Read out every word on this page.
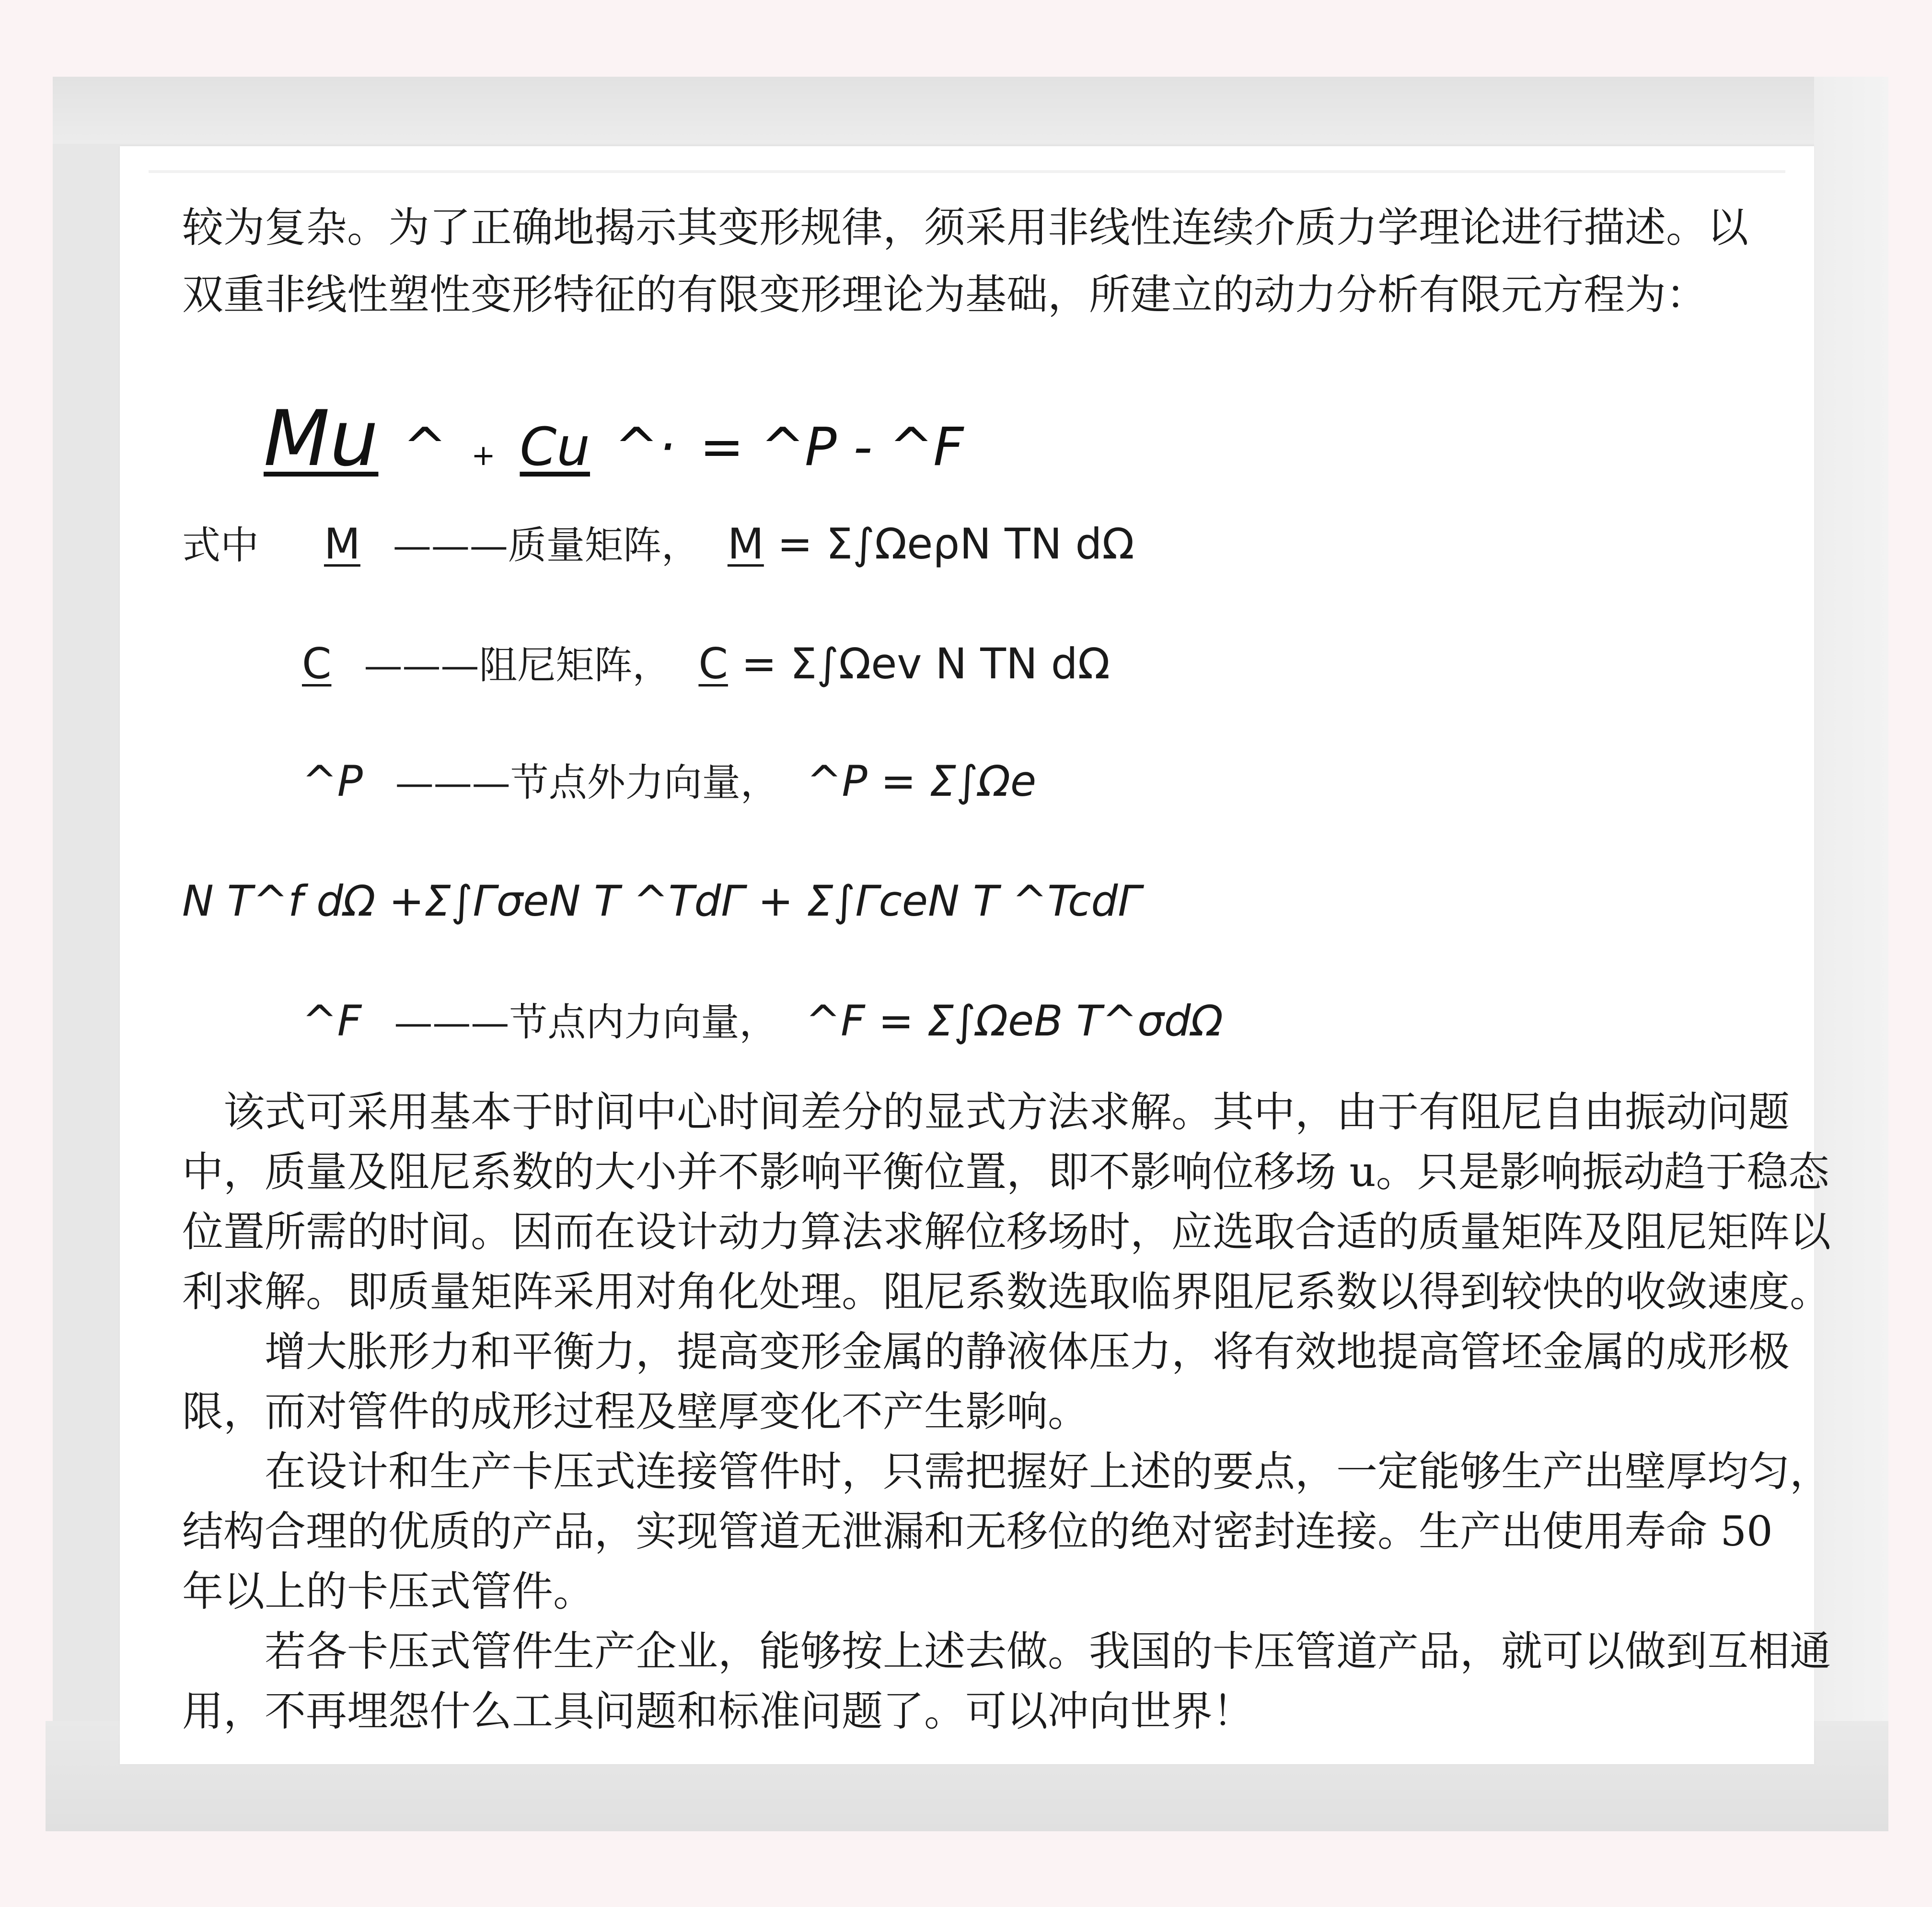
较为复杂。为了正确地揭示其变形规律，须采用非线性连续介质力学理论进行描述。以
双重非线性塑性变形特征的有限变形理论为基础，所建立的动力分析有限元方程为：
Mu ^ + Cu ^· = ^P - ^F
式中 M ———质量矩阵， M = Σ∫ΩeρN TN dΩ
C ———阻尼矩阵， C = Σ∫Ωev N TN dΩ
^P ———节点外力向量， ^P = Σ∫Ωe
N T^f dΩ +Σ∫ΓσeN T ^TdΓ + Σ∫ΓceN T ^TcdΓ
^F ———节点内力向量， ^F = Σ∫ΩeB T^σdΩ
　该式可采用基本于时间中心时间差分的显式方法求解。其中，由于有阻尼自由振动问题
中，质量及阻尼系数的大小并不影响平衡位置，即不影响位移场 u。只是影响振动趋于稳态
位置所需的时间。因而在设计动力算法求解位移场时，应选取合适的质量矩阵及阻尼矩阵以
利求解。即质量矩阵采用对角化处理。阻尼系数选取临界阻尼系数以得到较快的收敛速度。
　　增大胀形力和平衡力，提高变形金属的静液体压力，将有效地提高管坯金属的成形极
限，而对管件的成形过程及壁厚变化不产生影响。
　　在设计和生产卡压式连接管件时，只需把握好上述的要点，一定能够生产出壁厚均匀，
结构合理的优质的产品，实现管道无泄漏和无移位的绝对密封连接。生产出使用寿命 50
年以上的卡压式管件。
　　若各卡压式管件生产企业，能够按上述去做。我国的卡压管道产品，就可以做到互相通
用，不再埋怨什么工具问题和标准问题了。可以冲向世界！
